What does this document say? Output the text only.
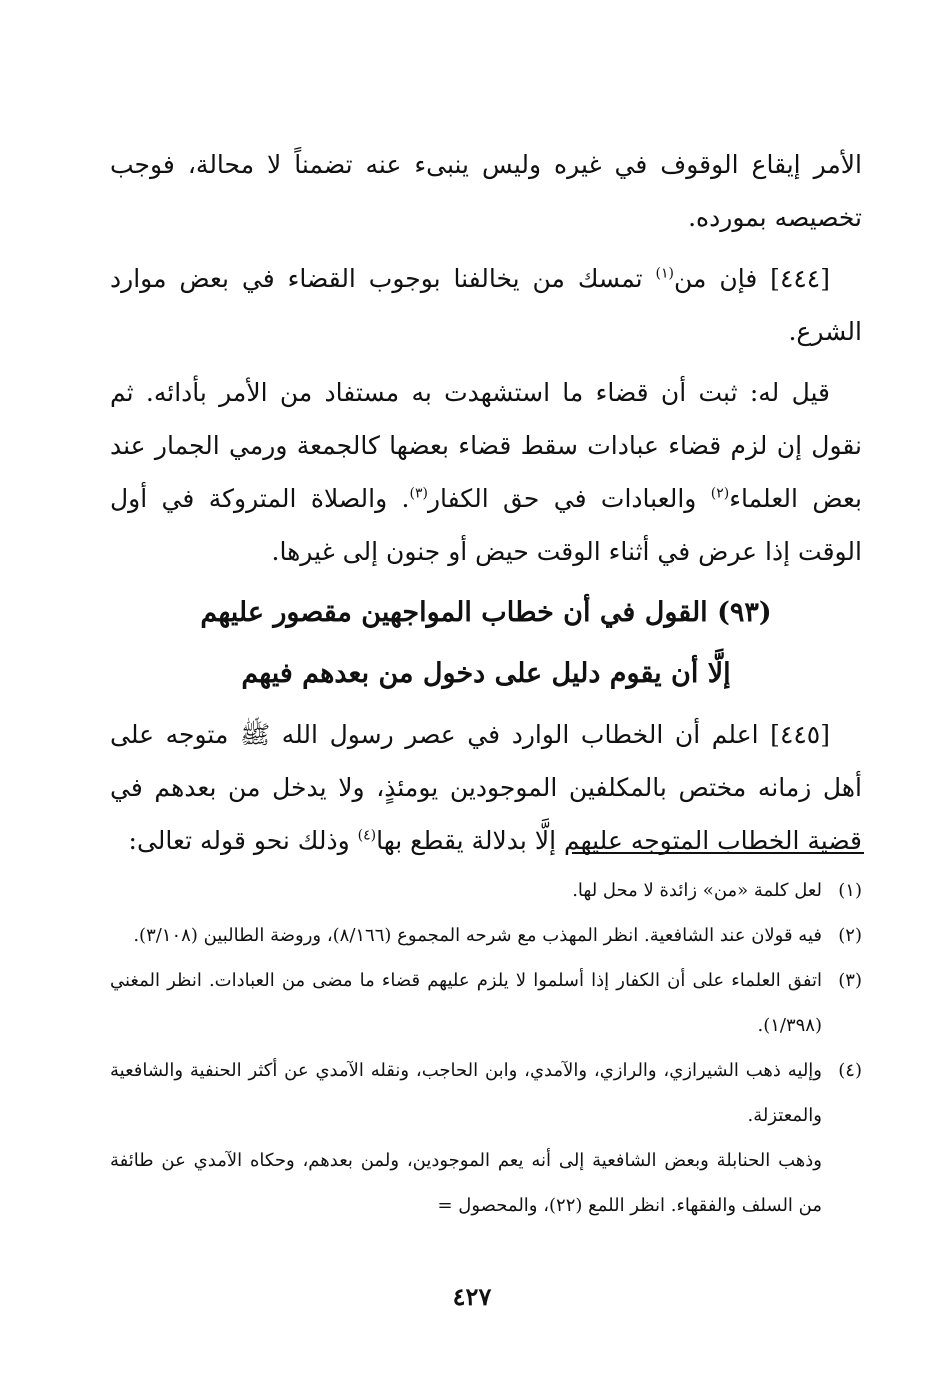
الأمر إيقاع الوقوف في غيره وليس ينبىء عنه تضمناً لا محالة، فوجب تخصيصه بمورده.

[٤٤٤] فإن من$^{(١)}$ تمسك من يخالفنا بوجوب القضاء في بعض موارد الشرع.

قيل له: ثبت أن قضاء ما استشهدت به مستفاد من الأمر بأدائه. ثم نقول إن لزم قضاء عبادات سقط قضاء بعضها كالجمعة ورمي الجمار عند بعض العلماء$^{(٢)}$ والعبادات في حق الكفار$^{(٣)}$. والصلاة المتروكة في أول الوقت إذا عرض في أثناء الوقت حيض أو جنون إلى غيرها.

(٩٣) القول في أن خطاب المواجهين مقصور عليهم

إلَّا أن يقوم دليل على دخول من بعدهم فيهم

[٤٤٥] اعلم أن الخطاب الوارد في عصر رسول الله ﷺ متوجه على أهل زمانه مختص بالمكلفين الموجودين يومئذٍ، ولا يدخل من بعدهم في قضية الخطاب المتوجه عليهم إلَّا بدلالة يقطع بها$^{(٤)}$ وذلك نحو قوله تعالى:

(١)
لعل كلمة «من» زائدة لا محل لها.

(٢)
فيه قولان عند الشافعية. انظر المهذب مع شرحه المجموع (٨/١٦٦)، وروضة الطالبين (٣/١٠٨).

(٣)
اتفق العلماء على أن الكفار إذا أسلموا لا يلزم عليهم قضاء ما مضى من العبادات. انظر المغني (١/٣٩٨).

(٤)
وإليه ذهب الشيرازي، والرازي، والآمدي، وابن الحاجب، ونقله الآمدي عن أكثر الحنفية والشافعية والمعتزلة.

وذهب الحنابلة وبعض الشافعية إلى أنه يعم الموجودين، ولمن بعدهم، وحكاه الآمدي عن طائفة من السلف والفقهاء. انظر اللمع (٢٢)، والمحصول =

٤٢٧
